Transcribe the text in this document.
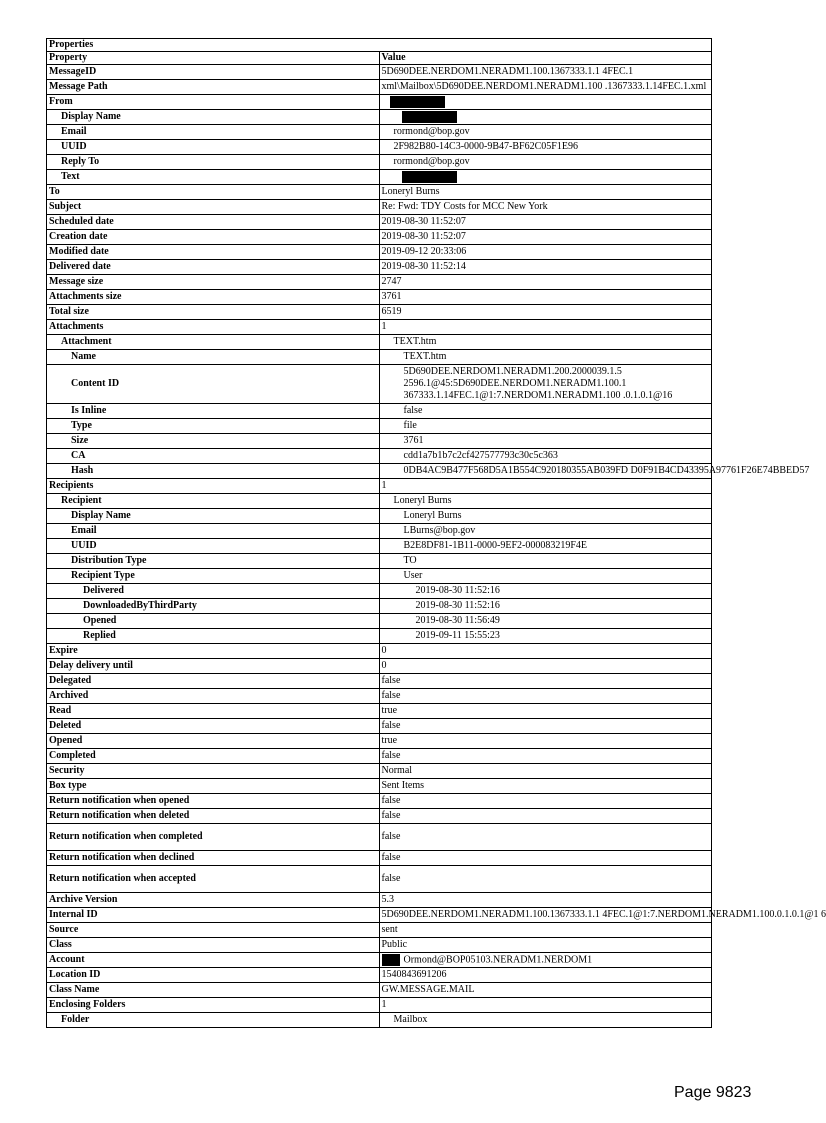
Properties	
Property	Value
MessageID	5D690DEE.NERDOM1.NERADM1.100.1367333.1.1 4FEC.1
Message Path	xml\Mailbox\5D690DEE.NERDOM1.NERADM1.100 .1367333.1.14FEC.1.xml
From	
Display Name	
Email	rormond@bop.gov
UUID	2F982B80-14C3-0000-9B47-BF62C05F1E96
Reply To	rormond@bop.gov
Text	
To	Loneryl Burns
Subject	Re: Fwd: TDY Costs for MCC New York
Scheduled date	2019-08-30 11:52:07
Creation date	2019-08-30 11:52:07
Modified date	2019-09-12 20:33:06
Delivered date	2019-08-30 11:52:14
Message size	2747
Attachments size	3761
Total size	6519
Attachments	1
Attachment	TEXT.htm
Name	TEXT.htm
Content ID	5D690DEE.NERDOM1.NERADM1.200.2000039.1.5 2596.1@45:5D690DEE.NERDOM1.NERADM1.100.1 367333.1.14FEC.1@1:7.NERDOM1.NERADM1.100 .0.1.0.1@16
Is Inline	false
Type	file
Size	3761
CA	cdd1a7b1b7c2cf427577793c30c5c363
Hash	0DB4AC9B477F568D5A1B554C920180355AB039FD D0F91B4CD43395A97761F26E74BBED57
Recipients	1
Recipient	Loneryl Burns
Display Name	Loneryl Burns
Email	LBurns@bop.gov
UUID	B2E8DF81-1B11-0000-9EF2-000083219F4E
Distribution Type	TO
Recipient Type	User
Delivered	2019-08-30 11:52:16
DownloadedByThirdParty	2019-08-30 11:52:16
Opened	2019-08-30 11:56:49
Replied	2019-09-11 15:55:23
Expire	0
Delay delivery until	0
Delegated	false
Archived	false
Read	true
Deleted	false
Opened	true
Completed	false
Security	Normal
Box type	Sent Items
Return notification when opened	false
Return notification when deleted	false
Return notification when completed	false
Return notification when declined	false
Return notification when accepted	false
Archive Version	5.3
Internal ID	5D690DEE.NERDOM1.NERADM1.100.1367333.1.1 4FEC.1@1:7.NERDOM1.NERADM1.100.0.1.0.1@1 6
Source	sent
Class	Public
Account	Ormond@BOP05103.NERADM1.NERDOM1
Location ID	1540843691206
Class Name	GW.MESSAGE.MAIL
Enclosing Folders	1
Folder	Mailbox
Page 9823
